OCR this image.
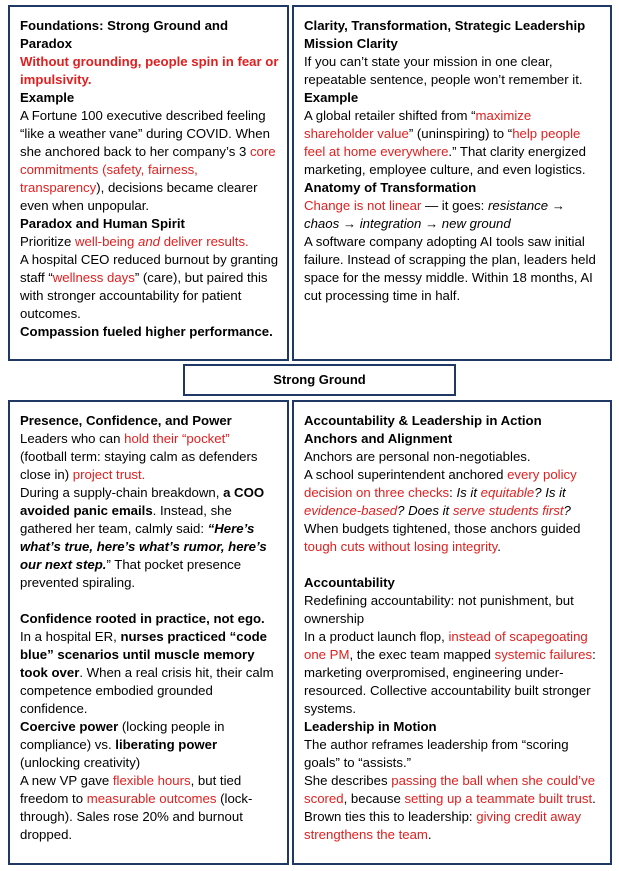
Foundations: Strong Ground and Paradox

Without grounding, people spin in fear or impulsivity.

Example

A Fortune 100 executive described feeling “like a weather vane” during COVID. When she anchored back to her company’s 3 core commitments (safety, fairness, transparency), decisions became clearer even when unpopular.

Paradox and Human Spirit

Prioritize well-being and deliver results.

A hospital CEO reduced burnout by granting staff “wellness days” (care), but paired this with stronger accountability for patient outcomes.

Compassion fueled higher performance.

Clarity, Transformation, Strategic Leadership

Mission Clarity

If you can’t state your mission in one clear, repeatable sentence, people won’t remember it.

Example

A global retailer shifted from “maximize shareholder value” (uninspiring) to “help people feel at home everywhere.” That clarity energized marketing, employee culture, and even logistics.

Anatomy of Transformation

Change is not linear — it goes: resistance → chaos → integration → new ground

A software company adopting AI tools saw initial failure. Instead of scrapping the plan, leaders held space for the messy middle. Within 18 months, AI cut processing time in half.

Strong Ground

Presence, Confidence, and Power

Leaders who can hold their “pocket” (football term: staying calm as defenders close in) project trust.

During a supply-chain breakdown, a COO avoided panic emails. Instead, she gathered her team, calmly said: “Here’s what’s true, here’s what’s rumor, here’s our next step.” That pocket presence prevented spiraling.

Confidence rooted in practice, not ego.

In a hospital ER, nurses practiced “code blue” scenarios until muscle memory took over. When a real crisis hit, their calm competence embodied grounded confidence.

Coercive power (locking people in compliance) vs. liberating power (unlocking creativity)

A new VP gave flexible hours, but tied freedom to measurable outcomes (lock-through). Sales rose 20% and burnout dropped.

Accountability & Leadership in Action

Anchors and Alignment

Anchors are personal non-negotiables.

A school superintendent anchored every policy decision on three checks: Is it equitable? Is it evidence-based? Does it serve students first?

When budgets tightened, those anchors guided tough cuts without losing integrity.

Accountability

Redefining accountability: not punishment, but ownership

In a product launch flop, instead of scapegoating one PM, the exec team mapped systemic failures: marketing overpromised, engineering under-resourced. Collective accountability built stronger systems.

Leadership in Motion

The author reframes leadership from “scoring goals” to “assists.”

She describes passing the ball when she could’ve scored, because setting up a teammate built trust. Brown ties this to leadership: giving credit away strengthens the team.
